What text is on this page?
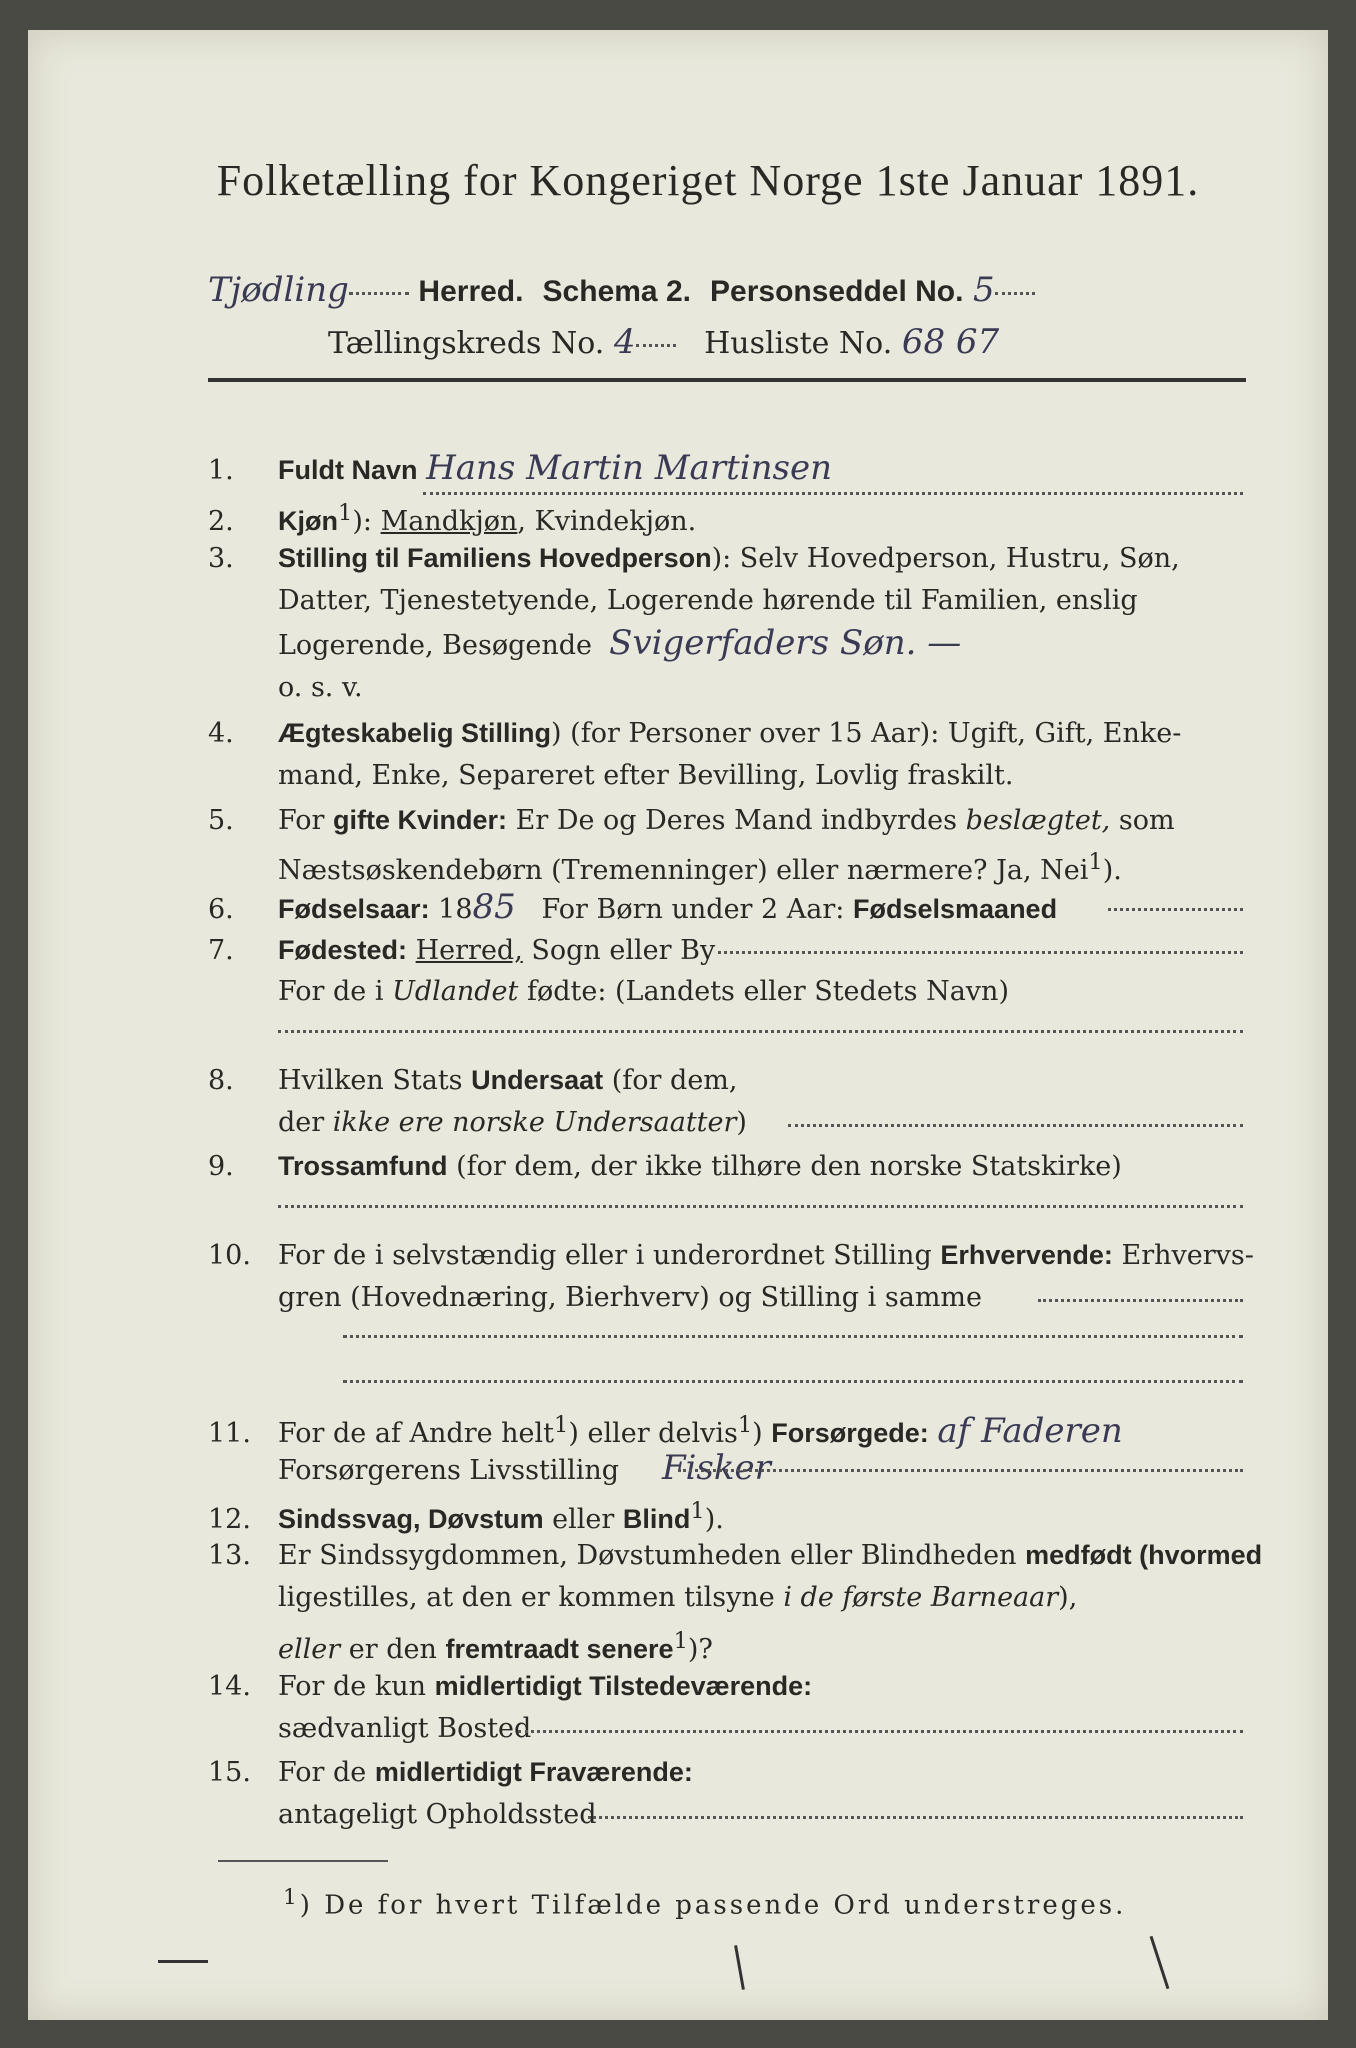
Folketælling for Kongeriget Norge 1ste Januar 1891.
Tjødling Herred. Schema 2. Personseddel No. 5
Tællingskreds No. 4 Husliste No. 68 67
1. Fuldt Navn Hans Martin Martinsen
2. Kjøn$^1$): Mandkjøn, Kvindekjøn.
3. Stilling til Familiens Hovedperson): Selv Hovedperson, Hustru, Søn,
Datter, Tjenestetyende, Logerende hørende til Familien, enslig
Logerende, Besøgende Svigerfaders Søn. —
o. s. v.
4. Ægteskabelig Stilling) (for Personer over 15 Aar): Ugift, Gift, Enke-
mand, Enke, Separeret efter Bevilling, Lovlig fraskilt.
5. For gifte Kvinder: Er De og Deres Mand indbyrdes beslægtet, som
Næstsøskendebørn (Tremenninger) eller nærmere? Ja, Nei$^1$).
6. Fødselsaar: 1885 For Børn under 2 Aar: Fødselsmaaned
7. Fødested: Herred, Sogn eller By
For de i Udlandet fødte: (Landets eller Stedets Navn)
8. Hvilken Stats Undersaat (for dem,
der ikke ere norske Undersaatter)
9. Trossamfund (for dem, der ikke tilhøre den norske Statskirke)
10. For de i selvstændig eller i underordnet Stilling Erhvervende: Erhvervs-
gren (Hovednæring, Bierhverv) og Stilling i samme
11. For de af Andre helt$^1$) eller delvis$^1$) Forsørgede: af Faderen
Forsørgerens Livsstilling Fisker
12. Sindssvag, Døvstum eller Blind$^1$).
13. Er Sindssygdommen, Døvstumheden eller Blindheden medfødt (hvormed
ligestilles, at den er kommen tilsyne i de første Barneaar),
eller er den fremtraadt senere$^1$)?
14. For de kun midlertidigt Tilstedeværende:
sædvanligt Bosted
15. For de midlertidigt Fraværende:
antageligt Opholdssted
$^1$) De for hvert Tilfælde passende Ord understreges.
